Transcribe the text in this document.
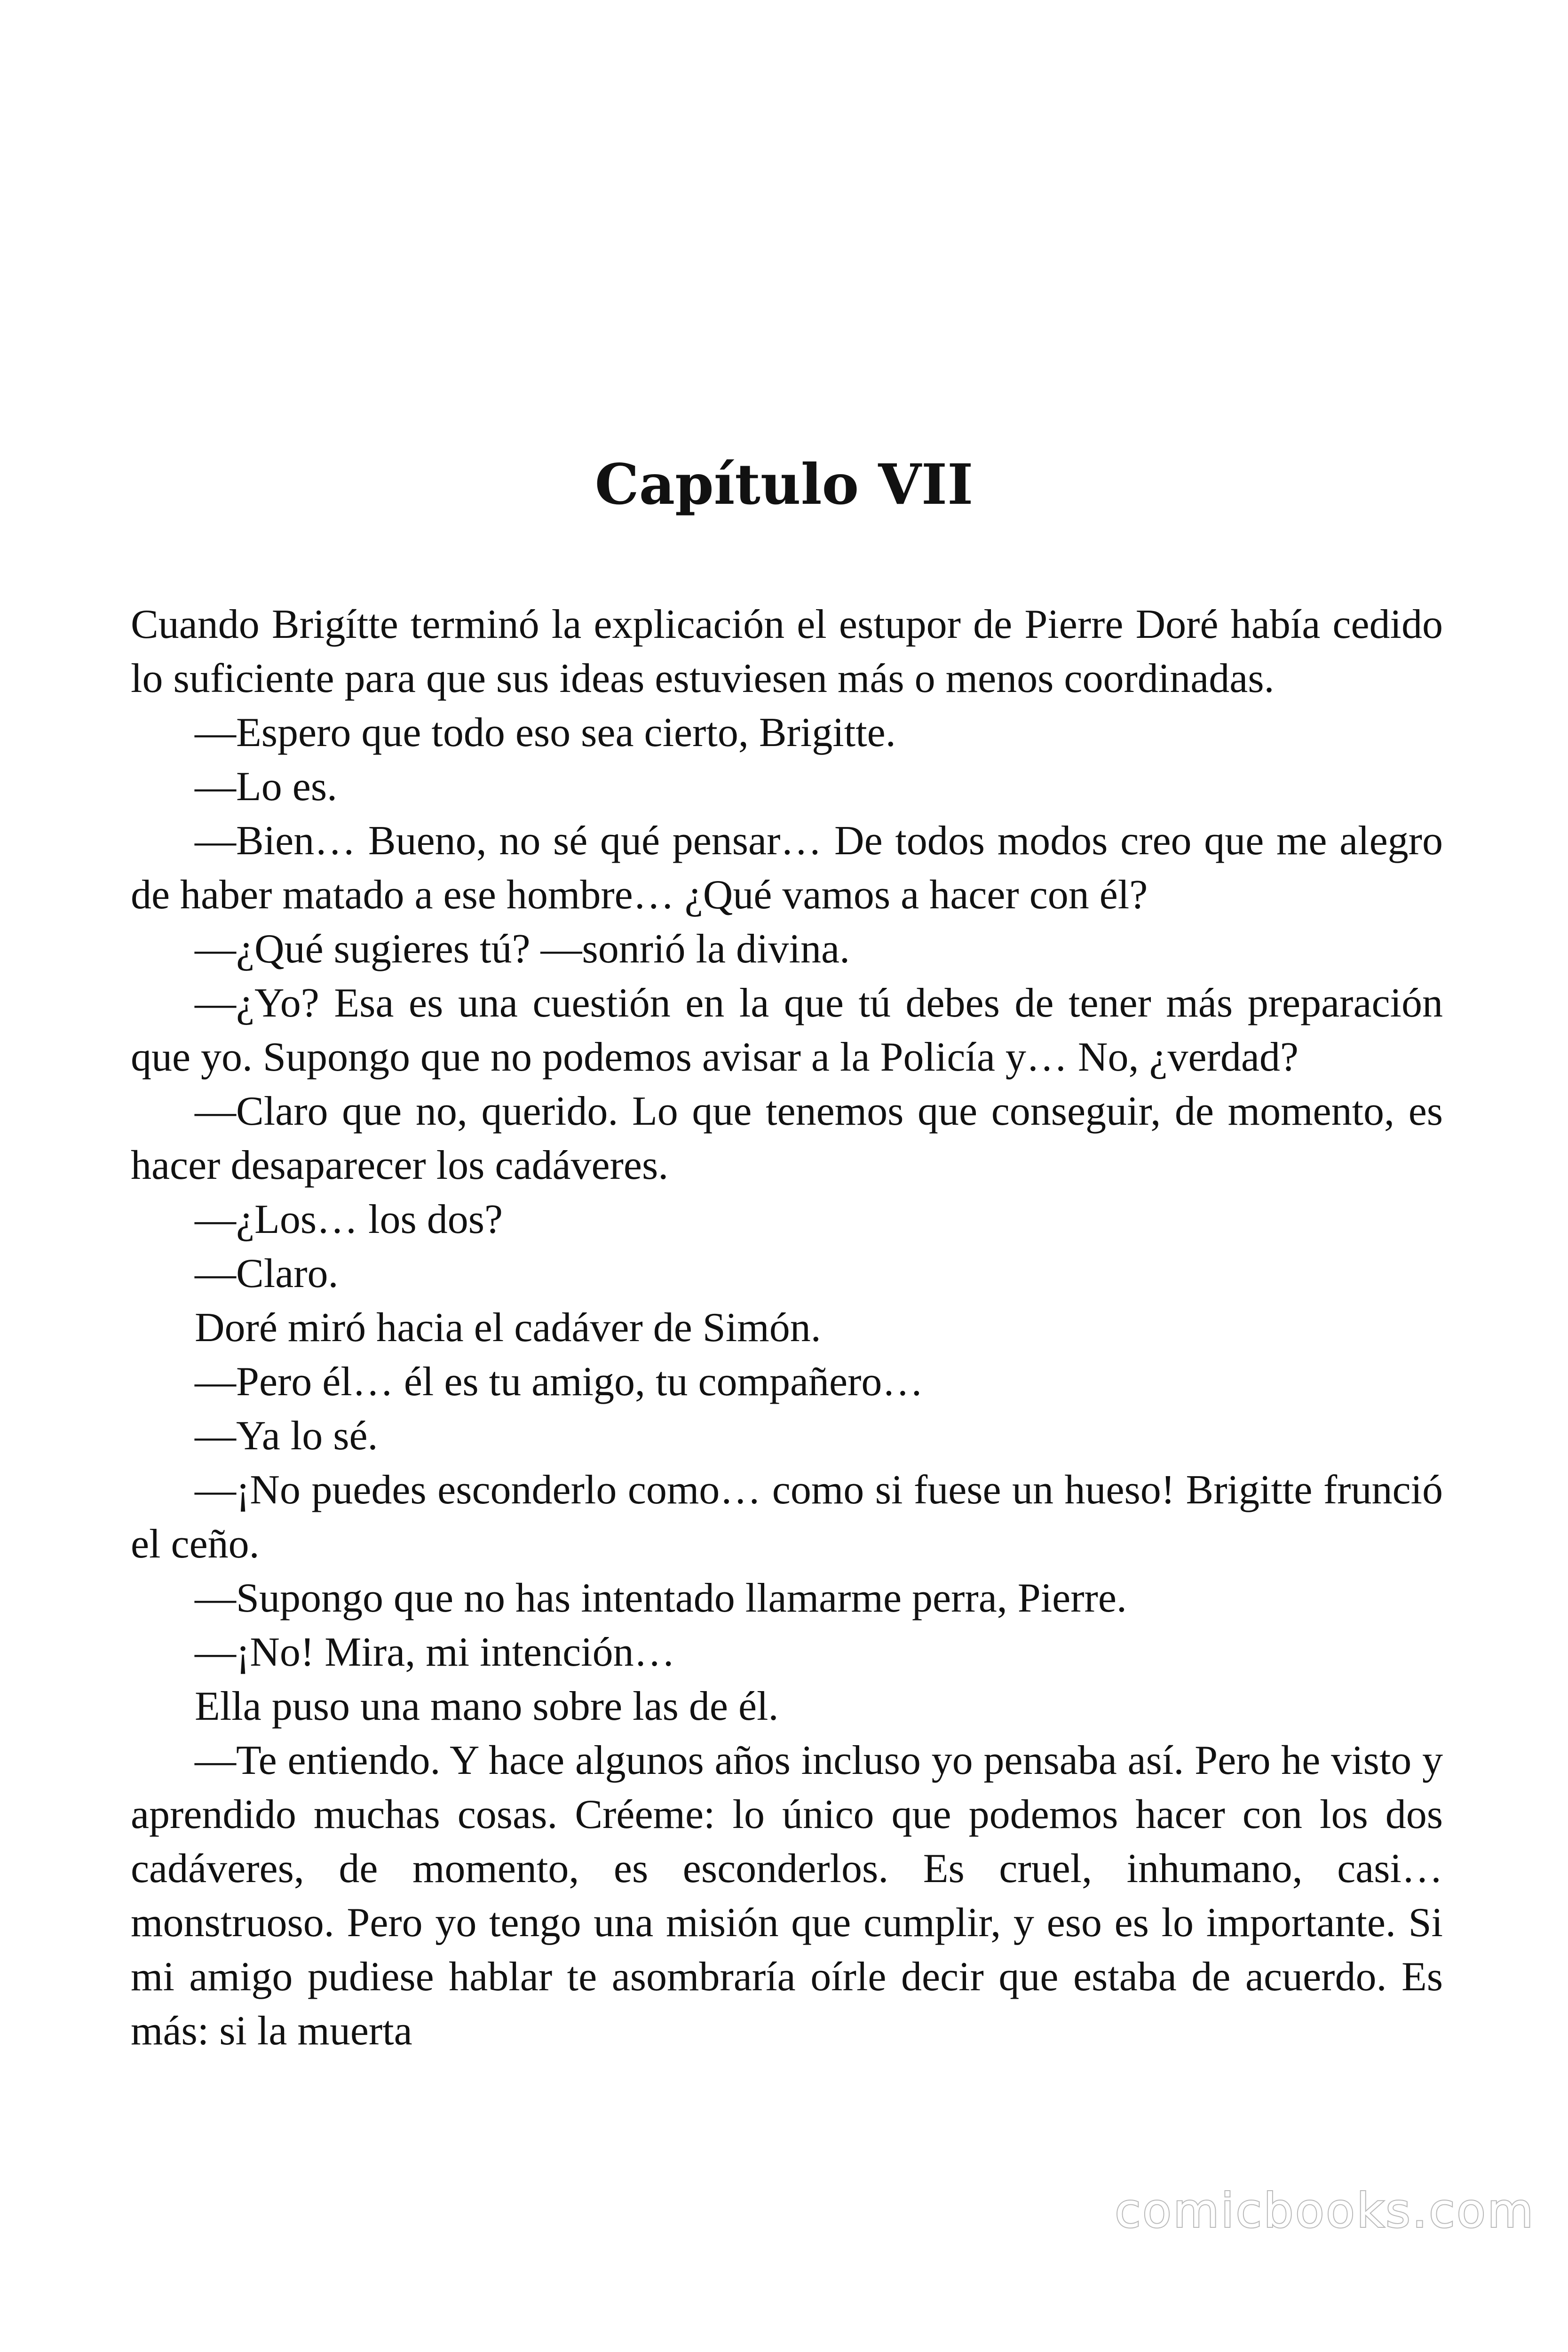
Capítulo VII

Cuando Brigítte terminó la explicación el estupor de Pierre Doré había cedido lo suficiente para que sus ideas estuviesen más o menos coordinadas.

—Espero que todo eso sea cierto, Brigitte.

—Lo es.

—Bien… Bueno, no sé qué pensar… De todos modos creo que me alegro de haber matado a ese hombre… ¿Qué vamos a hacer con él?

—¿Qué sugieres tú? —sonrió la divina.

—¿Yo? Esa es una cuestión en la que tú debes de tener más preparación que yo. Supongo que no podemos avisar a la Policía y… No, ¿verdad?

—Claro que no, querido. Lo que tenemos que conseguir, de momento, es hacer desaparecer los cadáveres.

—¿Los… los dos?

—Claro.

Doré miró hacia el cadáver de Simón.

—Pero él… él es tu amigo, tu compañero…

—Ya lo sé.

—¡No puedes esconderlo como… como si fuese un hueso! Brigitte frunció el ceño.

—Supongo que no has intentado llamarme perra, Pierre.

—¡No! Mira, mi intención…

Ella puso una mano sobre las de él.

—Te entiendo. Y hace algunos años incluso yo pensaba así. Pero he visto y aprendido muchas cosas. Créeme: lo único que podemos hacer con los dos cadáveres, de momento, es esconderlos. Es cruel, inhumano, casi… monstruoso. Pero yo tengo una misión que cumplir, y eso es lo importante. Si mi amigo pudiese hablar te asombraría oírle decir que estaba de acuerdo. Es más: si la muerta

comicbooks.com
